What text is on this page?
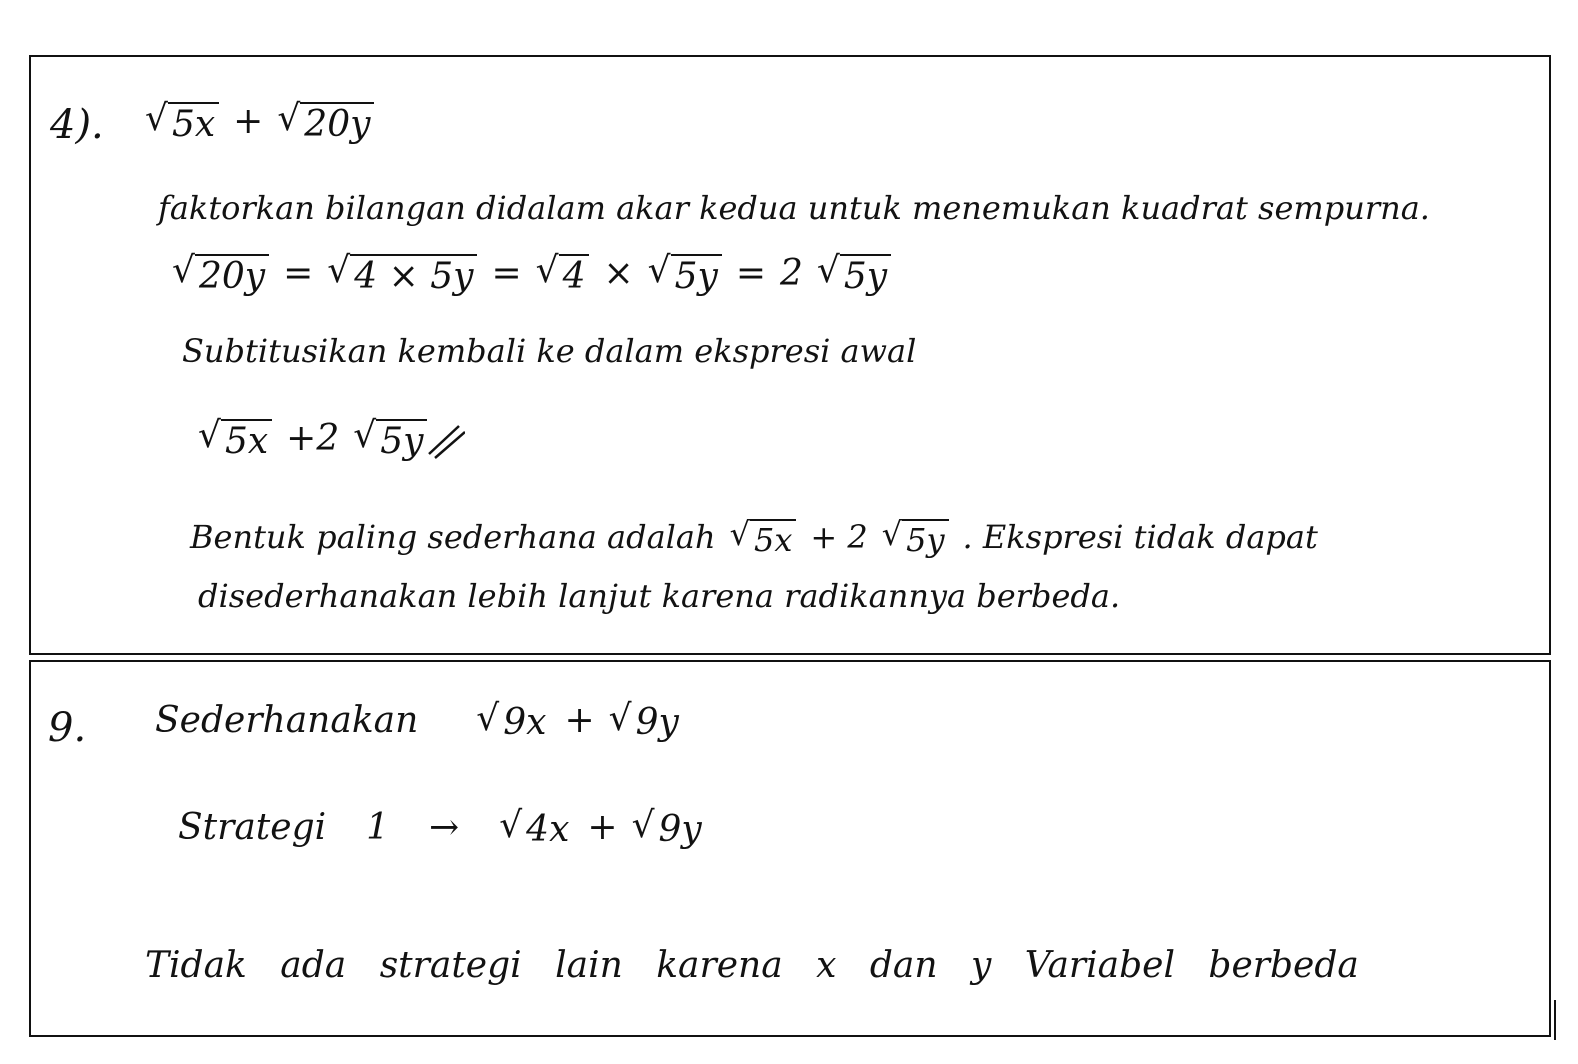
4). √ 5x + √ 20y
faktorkan bilangan didalam akar kedua untuk menemukan kuadrat sempurna.
√ 20y = √ 4 × 5y = √ 4 × √ 5y = 2 √ 5y
Subtitusikan kembali ke dalam ekspresi awal
√ 5x +2 √ 5y
Bentuk paling sederhana adalah √ 5x + 2 √ 5y . Ekspresi tidak dapat
disederhanakan lebih lanjut karena radikannya berbeda.
9. Sederhanakan √ 9x + √ 9y
Strategi 1 → √ 4x + √ 9y
Tidak ada strategi lain karena x dan y Variabel berbeda
